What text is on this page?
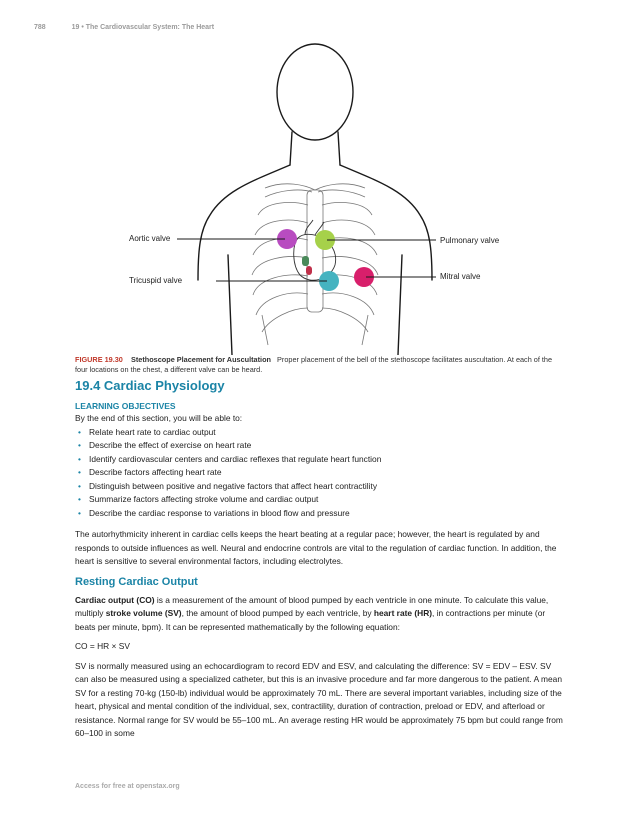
788	19 • The Cardiovascular System: The Heart
Aortic valve	Pulmonary valve
Tricuspid valve	Mitral valve
FIGURE 19.30 Stethoscope Placement for Auscultation Proper placement of the bell of the stethoscope facilitates auscultation. At each of the four locations on the chest, a different valve can be heard.
19.4 Cardiac Physiology
LEARNING OBJECTIVES

By the end of this section, you will be able to:

• Relate heart rate to cardiac output
• Describe the effect of exercise on heart rate
• Identify cardiovascular centers and cardiac reflexes that regulate heart function
• Describe factors affecting heart rate
• Distinguish between positive and negative factors that affect heart contractility
• Summarize factors affecting stroke volume and cardiac output
• Describe the cardiac response to variations in blood flow and pressure

The autorhythmicity inherent in cardiac cells keeps the heart beating at a regular pace; however, the heart is regulated by and responds to outside influences as well. Neural and endocrine controls are vital to the regulation of cardiac function. In addition, the heart is sensitive to several environmental factors, including electrolytes.

Resting Cardiac Output

Cardiac output (CO) is a measurement of the amount of blood pumped by each ventricle in one minute. To calculate this value, multiply stroke volume (SV), the amount of blood pumped by each ventricle, by heart rate (HR), in contractions per minute (or beats per minute, bpm). It can be represented mathematically by the following equation:

CO = HR × SV

SV is normally measured using an echocardiogram to record EDV and ESV, and calculating the difference: SV = EDV – ESV. SV can also be measured using a specialized catheter, but this is an invasive procedure and far more dangerous to the patient. A mean SV for a resting 70-kg (150-lb) individual would be approximately 70 mL. There are several important variables, including size of the heart, physical and mental condition of the individual, sex, contractility, duration of contraction, preload or EDV, and afterload or resistance. Normal range for SV would be 55–100 mL. An average resting HR would be approximately 75 bpm but could range from 60–100 in some

Access for free at openstax.org
